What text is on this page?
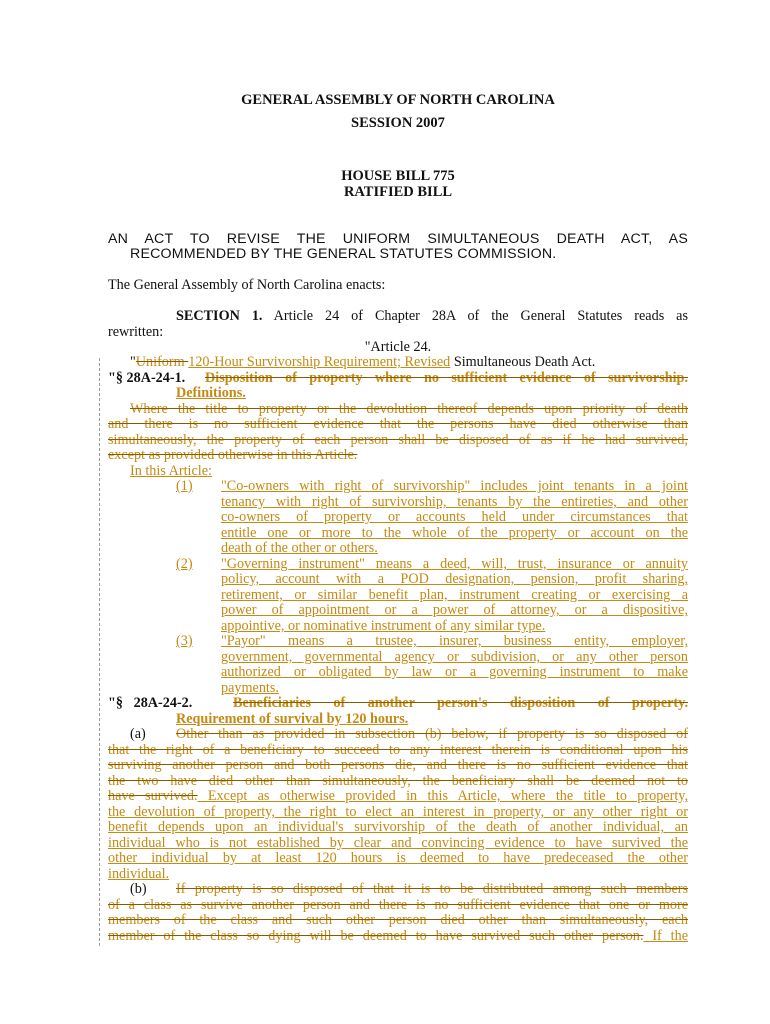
GENERAL ASSEMBLY OF NORTH CAROLINA
SESSION 2007
HOUSE BILL 775
RATIFIED BILL
AN ACT TO REVISE THE UNIFORM SIMULTANEOUS DEATH ACT, AS
RECOMMENDED BY THE GENERAL STATUTES COMMISSION.
The General Assembly of North Carolina enacts:
SECTION 1. Article 24 of Chapter 28A of the General Statutes reads as
rewritten:
"Article 24.
"Uniform 120-Hour Survivorship Requirement; Revised Simultaneous Death Act.
"§ 28A-24-1.	Disposition of property where no sufficient evidence of survivorship.
Definitions.
Where the title to property or the devolution thereof depends upon priority of death
and there is no sufficient evidence that the persons have died otherwise than
simultaneously, the property of each person shall be disposed of as if he had survived,
except as provided otherwise in this Article.
In this Article:
(1)	"Co-owners with right of survivorship" includes joint tenants in a joint
tenancy with right of survivorship, tenants by the entireties, and other
co-owners of property or accounts held under circumstances that
entitle one or more to the whole of the property or account on the
death of the other or others.
(2)	"Governing instrument" means a deed, will, trust, insurance or annuity
policy, account with a POD designation, pension, profit sharing,
retirement, or similar benefit plan, instrument creating or exercising a
power of appointment or a power of attorney, or a dispositive,
appointive, or nominative instrument of any similar type.
(3)	"Payor" means a trustee, insurer, business entity, employer,
government, governmental agency or subdivision, or any other person
authorized or obligated by law or a governing instrument to make
payments.
"§   28A-24-2.	Beneficiaries of another person's disposition of property.
Requirement of survival by 120 hours.
(a)	Other than as provided in subsection (b) below, if property is so disposed of
that the right of a beneficiary to succeed to any interest therein is conditional upon his
surviving another person and both persons die, and there is no sufficient evidence that
the two have died other than simultaneously, the beneficiary shall be deemed not to
have survived. Except as otherwise provided in this Article, where the title to property,
the devolution of property, the right to elect an interest in property, or any other right or
benefit depends upon an individual's survivorship of the death of another individual, an
individual who is not established by clear and convincing evidence to have survived the
other individual by at least 120 hours is deemed to have predeceased the other
individual.
(b)	If property is so disposed of that it is to be distributed among such members
of a class as survive another person and there is no sufficient evidence that one or more
members of the class and such other person died other than simultaneously, each
member of the class so dying will be deemed to have survived such other person. If the
